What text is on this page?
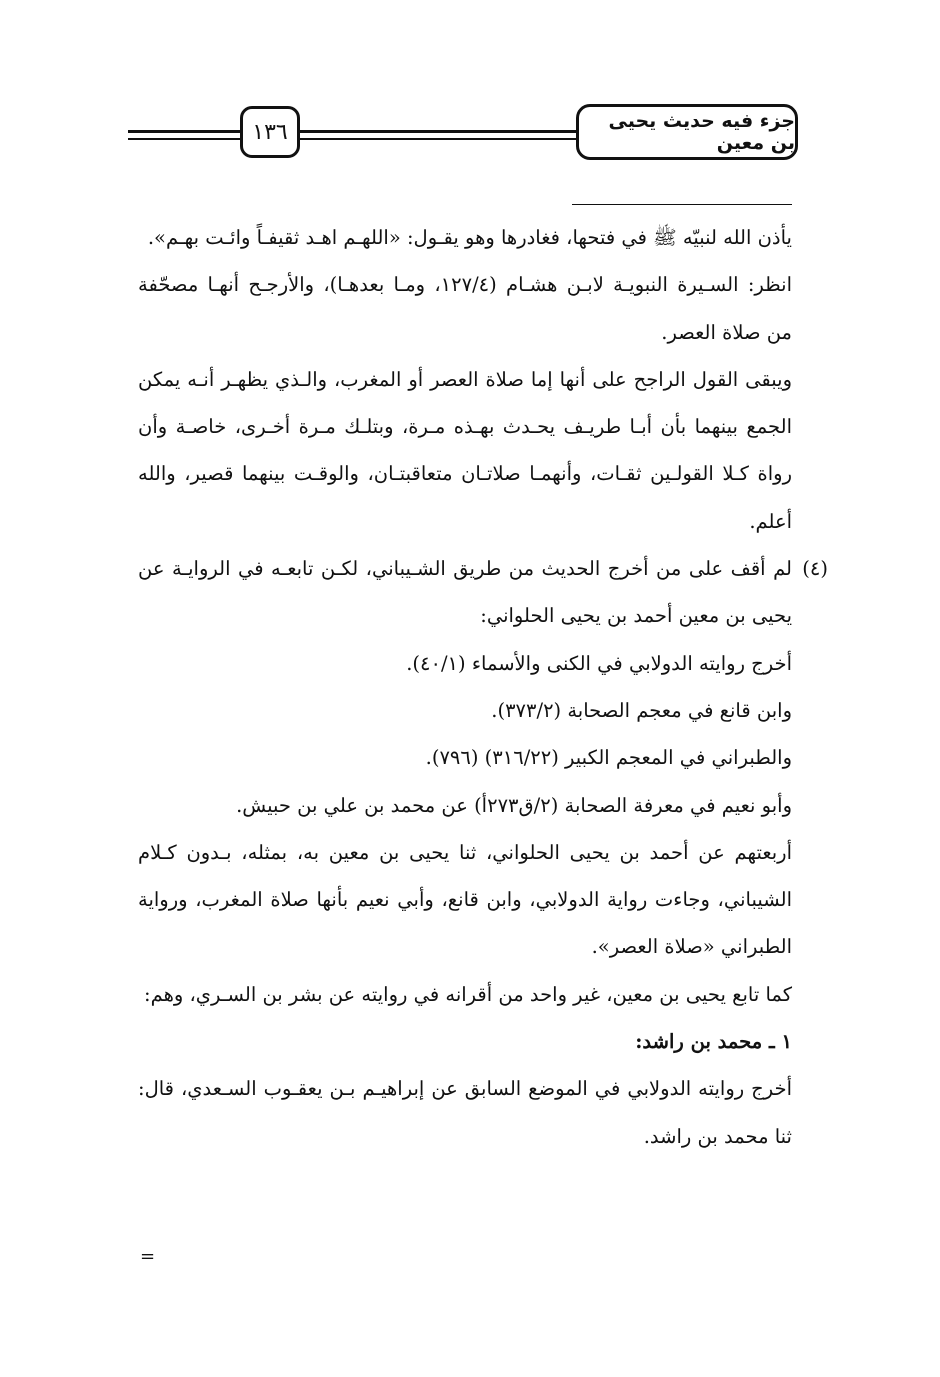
١٣٦	جزء فيه حديث يحيى بن معين

يأذن الله لنبيّه ﷺ في فتحها، فغادرها وهو يقـول: «اللهـم اهـد ثقيفـاً وائـت بهـم».

انظر: السـيرة النبويـة لابـن هشـام (١٢٧/٤، ومـا بعدهـا)، والأرجـح أنهـا مصحّفة من صلاة العصر.

ويبقى القول الراجح على أنها إما صلاة العصر أو المغرب، والـذي يظهـر أنـه يمكن الجمع بينهما بأن أبـا طريـف يحـدث بهـذه مـرة، وبتلـك مـرة أخـرى، خاصـة وأن رواة كـلا القولـين ثقـات، وأنهمـا صلاتـان متعاقبتـان، والوقـت بينهما قصير، والله أعلم.

(٤)

لم أقف على من أخرج الحديث من طريق الشـيباني، لكـن تابعـه في الروايـة عن يحيى بن معين أحمد بن يحيى الحلواني:

أخرج روايته الدولابي في الكنى والأسماء (٤٠/١).

وابن قانع في معجم الصحابة (٣٧٣/٢).

والطبراني في المعجم الكبير (٣١٦/٢٢) (٧٩٦).

وأبو نعيم في معرفة الصحابة (٢/ق٢٧٣أ) عن محمد بن علي بن حبيش.

أربعتهم عن أحمد بن يحيى الحلواني، ثنا يحيى بن معين به، بمثله، بـدون كـلام الشيباني، وجاءت رواية الدولابي، وابن قانع، وأبي نعيم بأنها صلاة المغرب، ورواية الطبراني «صلاة العصر».

كما تابع يحيى بن معين، غير واحد من أقرانه في روايته عن بشر بن السـري، وهم:

١ ـ محمد بن راشد:

أخرج روايته الدولابي في الموضع السابق عن إبراهيـم بـن يعقـوب السـعدي، قال: ثنا محمد بن راشد.

=
